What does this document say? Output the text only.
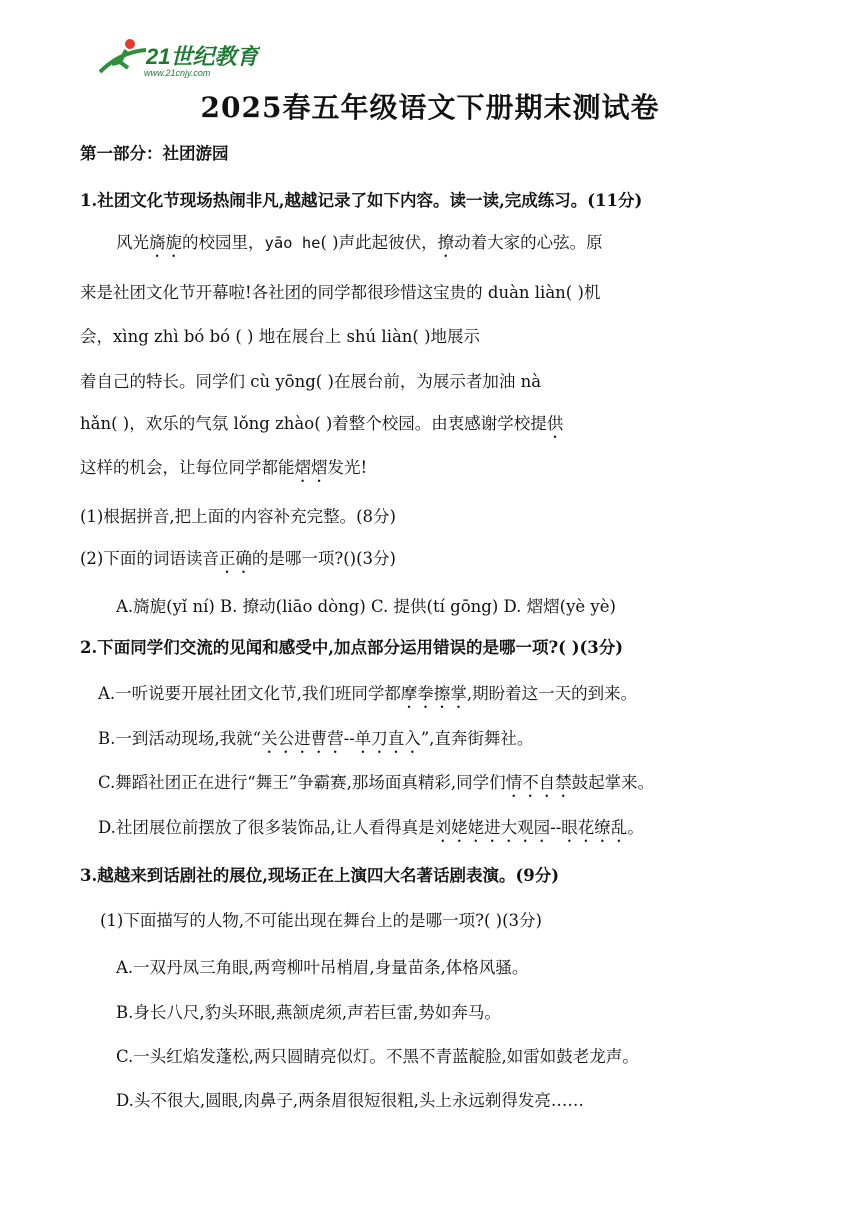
21世纪教育
www.21cnjy.com
2025春五年级语文下册期末测试卷
第一部分：社团游园
1.社团文化节现场热闹非凡,越越记录了如下内容。读一读,完成练习。(11分)
风光旖旎的校园里，yāo he( )声此起彼伏，撩动着大家的心弦。原
来是社团文化节开幕啦!各社团的同学都很珍惜这宝贵的 duàn liàn( )机
会，xìng zhì bó bó ( ) 地在展台上 shú liàn( )地展示
着自己的特长。同学们 cù yōng( )在展台前，为展示者加油 nà
hǎn( )，欢乐的气氛 lǒng zhào( )着整个校园。由衷感谢学校提供
这样的机会，让每位同学都能熠熠发光!
(1)根据拼音,把上面的内容补充完整。(8分)
(2)下面的词语读音正确的是哪一项?()(3分)
A.旖旎(yǐ ní) B. 撩动(liāo dòng) C. 提供(tí gōng) D. 熠熠(yè yè)
2.下面同学们交流的见闻和感受中,加点部分运用错误的是哪一项?( )(3分)
A.一听说要开展社团文化节,我们班同学都摩拳擦掌,期盼着这一天的到来。
B.一到活动现场,我就“关公进曹营--单刀直入”,直奔街舞社。
C.舞蹈社团正在进行“舞王”争霸赛,那场面真精彩,同学们情不自禁鼓起掌来。
D.社团展位前摆放了很多装饰品,让人看得真是刘姥姥进大观园--眼花缭乱。
3.越越来到话剧社的展位,现场正在上演四大名著话剧表演。(9分)
(1)下面描写的人物,不可能出现在舞台上的是哪一项?( )(3分)
A.一双丹凤三角眼,两弯柳叶吊梢眉,身量苗条,体格风骚。
B.身长八尺,豹头环眼,燕颔虎须,声若巨雷,势如奔马。
C.一头红焰发蓬松,两只圆睛亮似灯。不黑不青蓝靛脸,如雷如鼓老龙声。
D.头不很大,圆眼,肉鼻子,两条眉很短很粗,头上永远剃得发亮……
